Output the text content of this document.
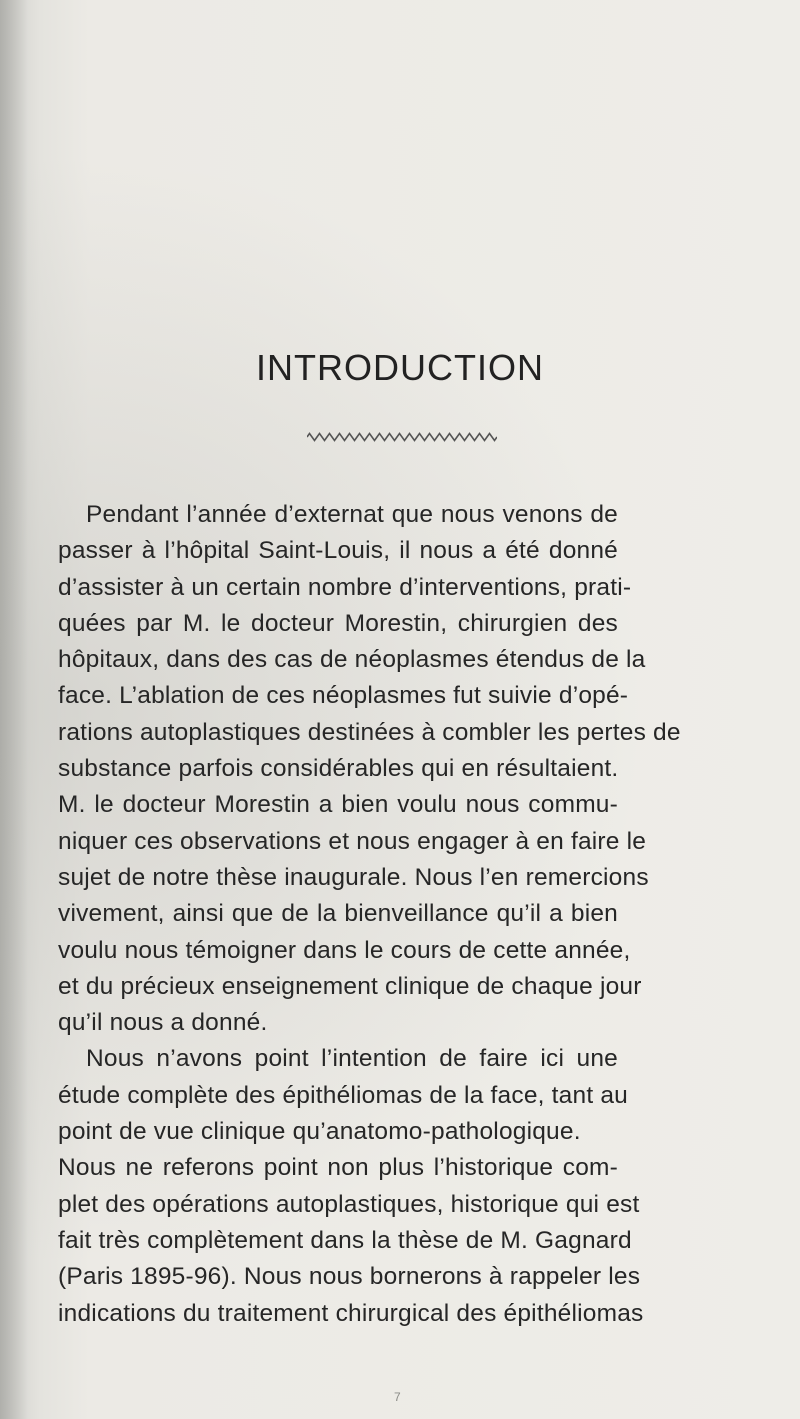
INTRODUCTION
Pendant l’année d’externat que nous venons de
passer à l’hôpital Saint-Louis, il nous a été donné
d’assister à un certain nombre d’interventions, prati-
quées par M. le docteur Morestin, chirurgien des
hôpitaux, dans des cas de néoplasmes étendus de la
face. L’ablation de ces néoplasmes fut suivie d’opé-
rations autoplastiques destinées à combler les pertes de
substance parfois considérables qui en résultaient.
M. le docteur Morestin a bien voulu nous commu-
niquer ces observations et nous engager à en faire le
sujet de notre thèse inaugurale. Nous l’en remercions
vivement, ainsi que de la bienveillance qu’il a bien
voulu nous témoigner dans le cours de cette année,
et du précieux enseignement clinique de chaque jour
qu’il nous a donné.
Nous n’avons point l’intention de faire ici une
étude complète des épithéliomas de la face, tant au
point de vue clinique qu’anatomo-pathologique.
Nous ne referons point non plus l’historique com-
plet des opérations autoplastiques, historique qui est
fait très complètement dans la thèse de M. Gagnard
(Paris 1895-96). Nous nous bornerons à rappeler les
indications du traitement chirurgical des épithéliomas
7
